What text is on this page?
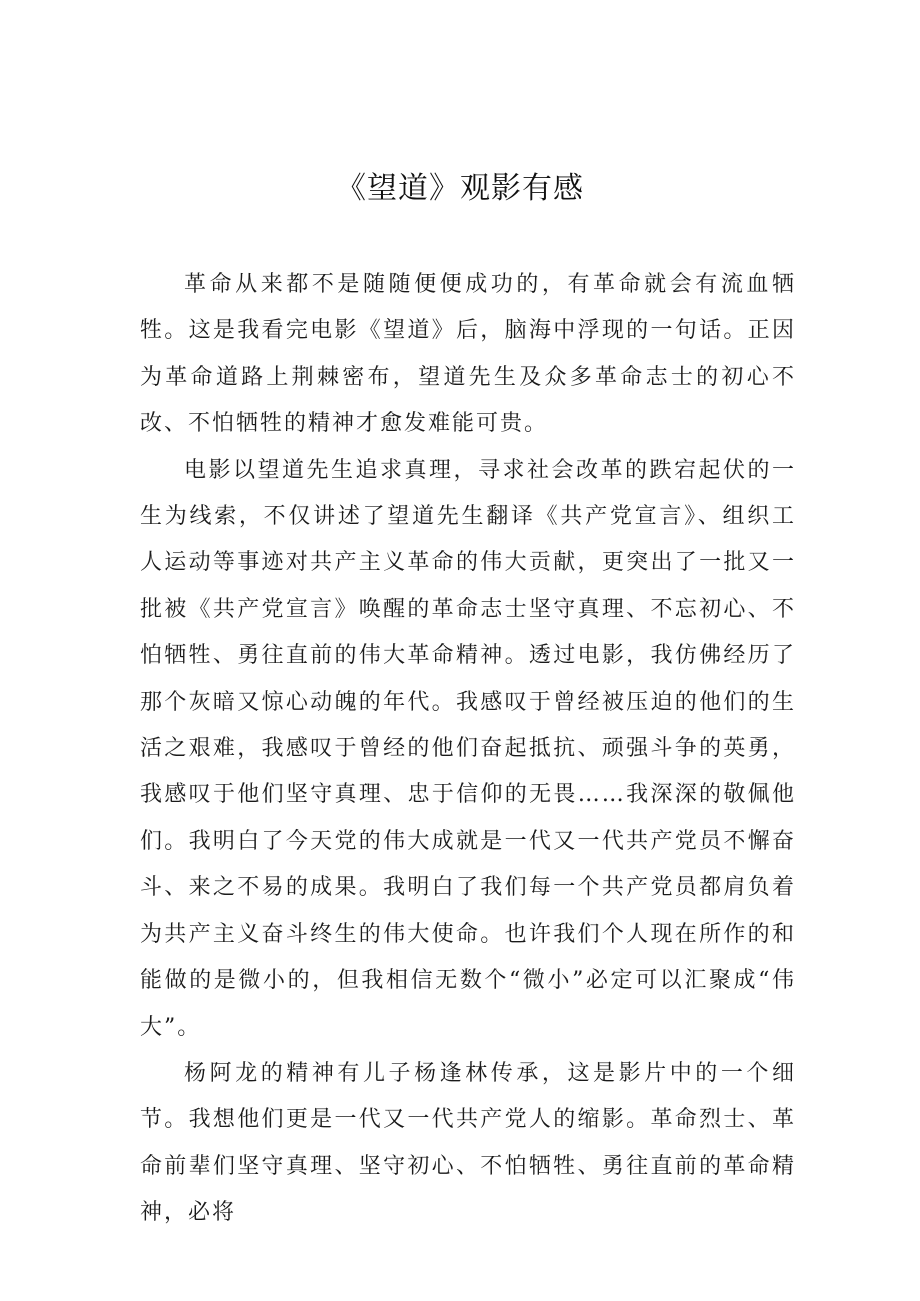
《望道》观影有感

革命从来都不是随随便便成功的，有革命就会有流血牺牲。这是我看完电影《望道》后，脑海中浮现的一句话。正因为革命道路上荆棘密布，望道先生及众多革命志士的初心不改、不怕牺牲的精神才愈发难能可贵。

电影以望道先生追求真理，寻求社会改革的跌宕起伏的一生为线索，不仅讲述了望道先生翻译《共产党宣言》、组织工人运动等事迹对共产主义革命的伟大贡献，更突出了一批又一批被《共产党宣言》唤醒的革命志士坚守真理、不忘初心、不怕牺牲、勇往直前的伟大革命精神。透过电影，我仿佛经历了那个灰暗又惊心动魄的年代。我感叹于曾经被压迫的他们的生活之艰难，我感叹于曾经的他们奋起抵抗、顽强斗争的英勇，我感叹于他们坚守真理、忠于信仰的无畏……我深深的敬佩他们。我明白了今天党的伟大成就是一代又一代共产党员不懈奋斗、来之不易的成果。我明白了我们每一个共产党员都肩负着为共产主义奋斗终生的伟大使命。也许我们个人现在所作的和能做的是微小的，但我相信无数个“微小”必定可以汇聚成“伟大”。

杨阿龙的精神有儿子杨逢林传承，这是影片中的一个细节。我想他们更是一代又一代共产党人的缩影。革命烈士、革命前辈们坚守真理、坚守初心、不怕牺牲、勇往直前的革命精神，必将
